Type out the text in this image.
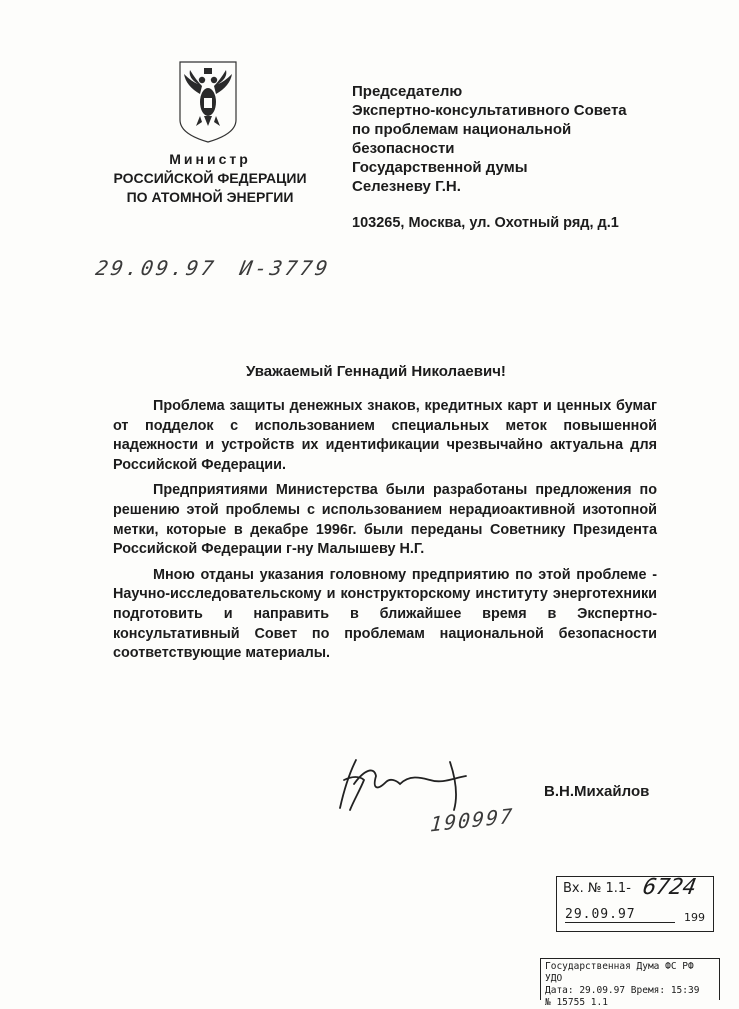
Министр
РОССИЙСКОЙ ФЕДЕРАЦИИ
ПО АТОМНОЙ ЭНЕРГИИ
Председателю
Экспертно-консультативного Совета
по проблемам национальной
безопасности
Государственной думы
Селезневу Г.Н.
103265, Москва, ул. Охотный ряд, д.1
29.09.97 И-3779
Уважаемый Геннадий Николаевич!

Проблема защиты денежных знаков, кредитных карт и ценных бумаг от подделок с использованием специальных меток повышенной надежности и устройств их идентификации чрезвычайно актуальна для Российской Федерации.

Предприятиями Министерства были разработаны предложения по решению этой проблемы с использованием нерадиоактивной изотопной метки, которые в декабре 1996г. были переданы Советнику Президента Российской Федерации г-ну Малышеву Н.Г.

Мною отданы указания головному предприятию по этой проблеме - Научно-исследовательскому и конструкторскому институту энерготехники подготовить и направить в ближайшее время в Экспертно-консультативный Совет по проблемам национальной безопасности соответствующие материалы.

190997
В.Н.Михайлов
Вх. № 1.1- 6724
29.09.97	199
Государственная Дума ФС РФ УДО
Дата: 29.09.97 Время: 15:39
№ 15755 1.1
